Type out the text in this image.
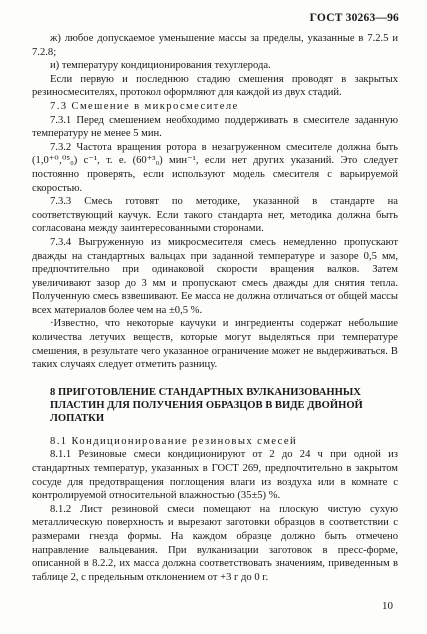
ГОСТ 30263—96

ж) любое допускаемое уменьшение массы за пределы, указанные в 7.2.5 и 7.2.8;

и) температуру кондиционирования техуглерода.

Если первую и последнюю стадию смешения проводят в закрытых резиносмесителях, протокол оформляют для каждой из двух стадий.

7.3 Смешение в микросмесителе

7.3.1 Перед смешением необходимо поддерживать в смесителе заданную температуру не менее 5 мин.

7.3.2 Частота вращения ротора в незагруженном смесителе должна быть (1,0⁺⁰‚⁰⁵₀) с⁻¹, т. е. (60⁺³₀) мин⁻¹, если нет других указаний. Это следует постоянно проверять, если используют модель смесителя с варьируемой скоростью.

7.3.3 Смесь готовят по методике, указанной в стандарте на соответствующий каучук. Если такого стандарта нет, методика должна быть согласована между заинтересованными сторонами.

7.3.4 Выгруженную из микросмесителя смесь немедленно пропускают дважды на стандартных вальцах при заданной температуре и зазоре 0,5 мм, предпочтительно при одинаковой скорости вращения валков. Затем увеличивают зазор до 3 мм и пропускают смесь дважды для снятия тепла. Полученную смесь взвешивают. Ее масса не должна отличаться от общей массы всех материалов более чем на ±0,5 %.

·Известно, что некоторые каучуки и ингредиенты содержат небольшие количества летучих веществ, которые могут выделяться при температуре смешения, в результате чего указанное ограничение может не выдерживаться. В таких случаях следует отметить разницу.

8 ПРИГОТОВЛЕНИЕ СТАНДАРТНЫХ ВУЛКАНИЗОВАННЫХ ПЛАСТИН ДЛЯ ПОЛУЧЕНИЯ ОБРАЗЦОВ В ВИДЕ ДВОЙНОЙ ЛОПАТКИ

8.1 Кондиционирование резиновых смесей

8.1.1 Резиновые смеси кондиционируют от 2 до 24 ч при одной из стандартных температур, указанных в ГОСТ 269, предпочтительно в закрытом сосуде для предотвращения поглощения влаги из воздуха или в комнате с контролируемой относительной влажностью (35±5) %.

8.1.2 Лист резиновой смеси помещают на плоскую чистую сухую металлическую поверхность и вырезают заготовки образцов в соответствии с размерами гнезда формы. На каждом образце должно быть отмечено направление вальцевания. При вулканизации заготовок в пресс-форме, описанной в 8.2.2, их масса должна соответствовать значениям, приведенным в таблице 2, с предельным отклонением от +3 г до 0 г.

10
